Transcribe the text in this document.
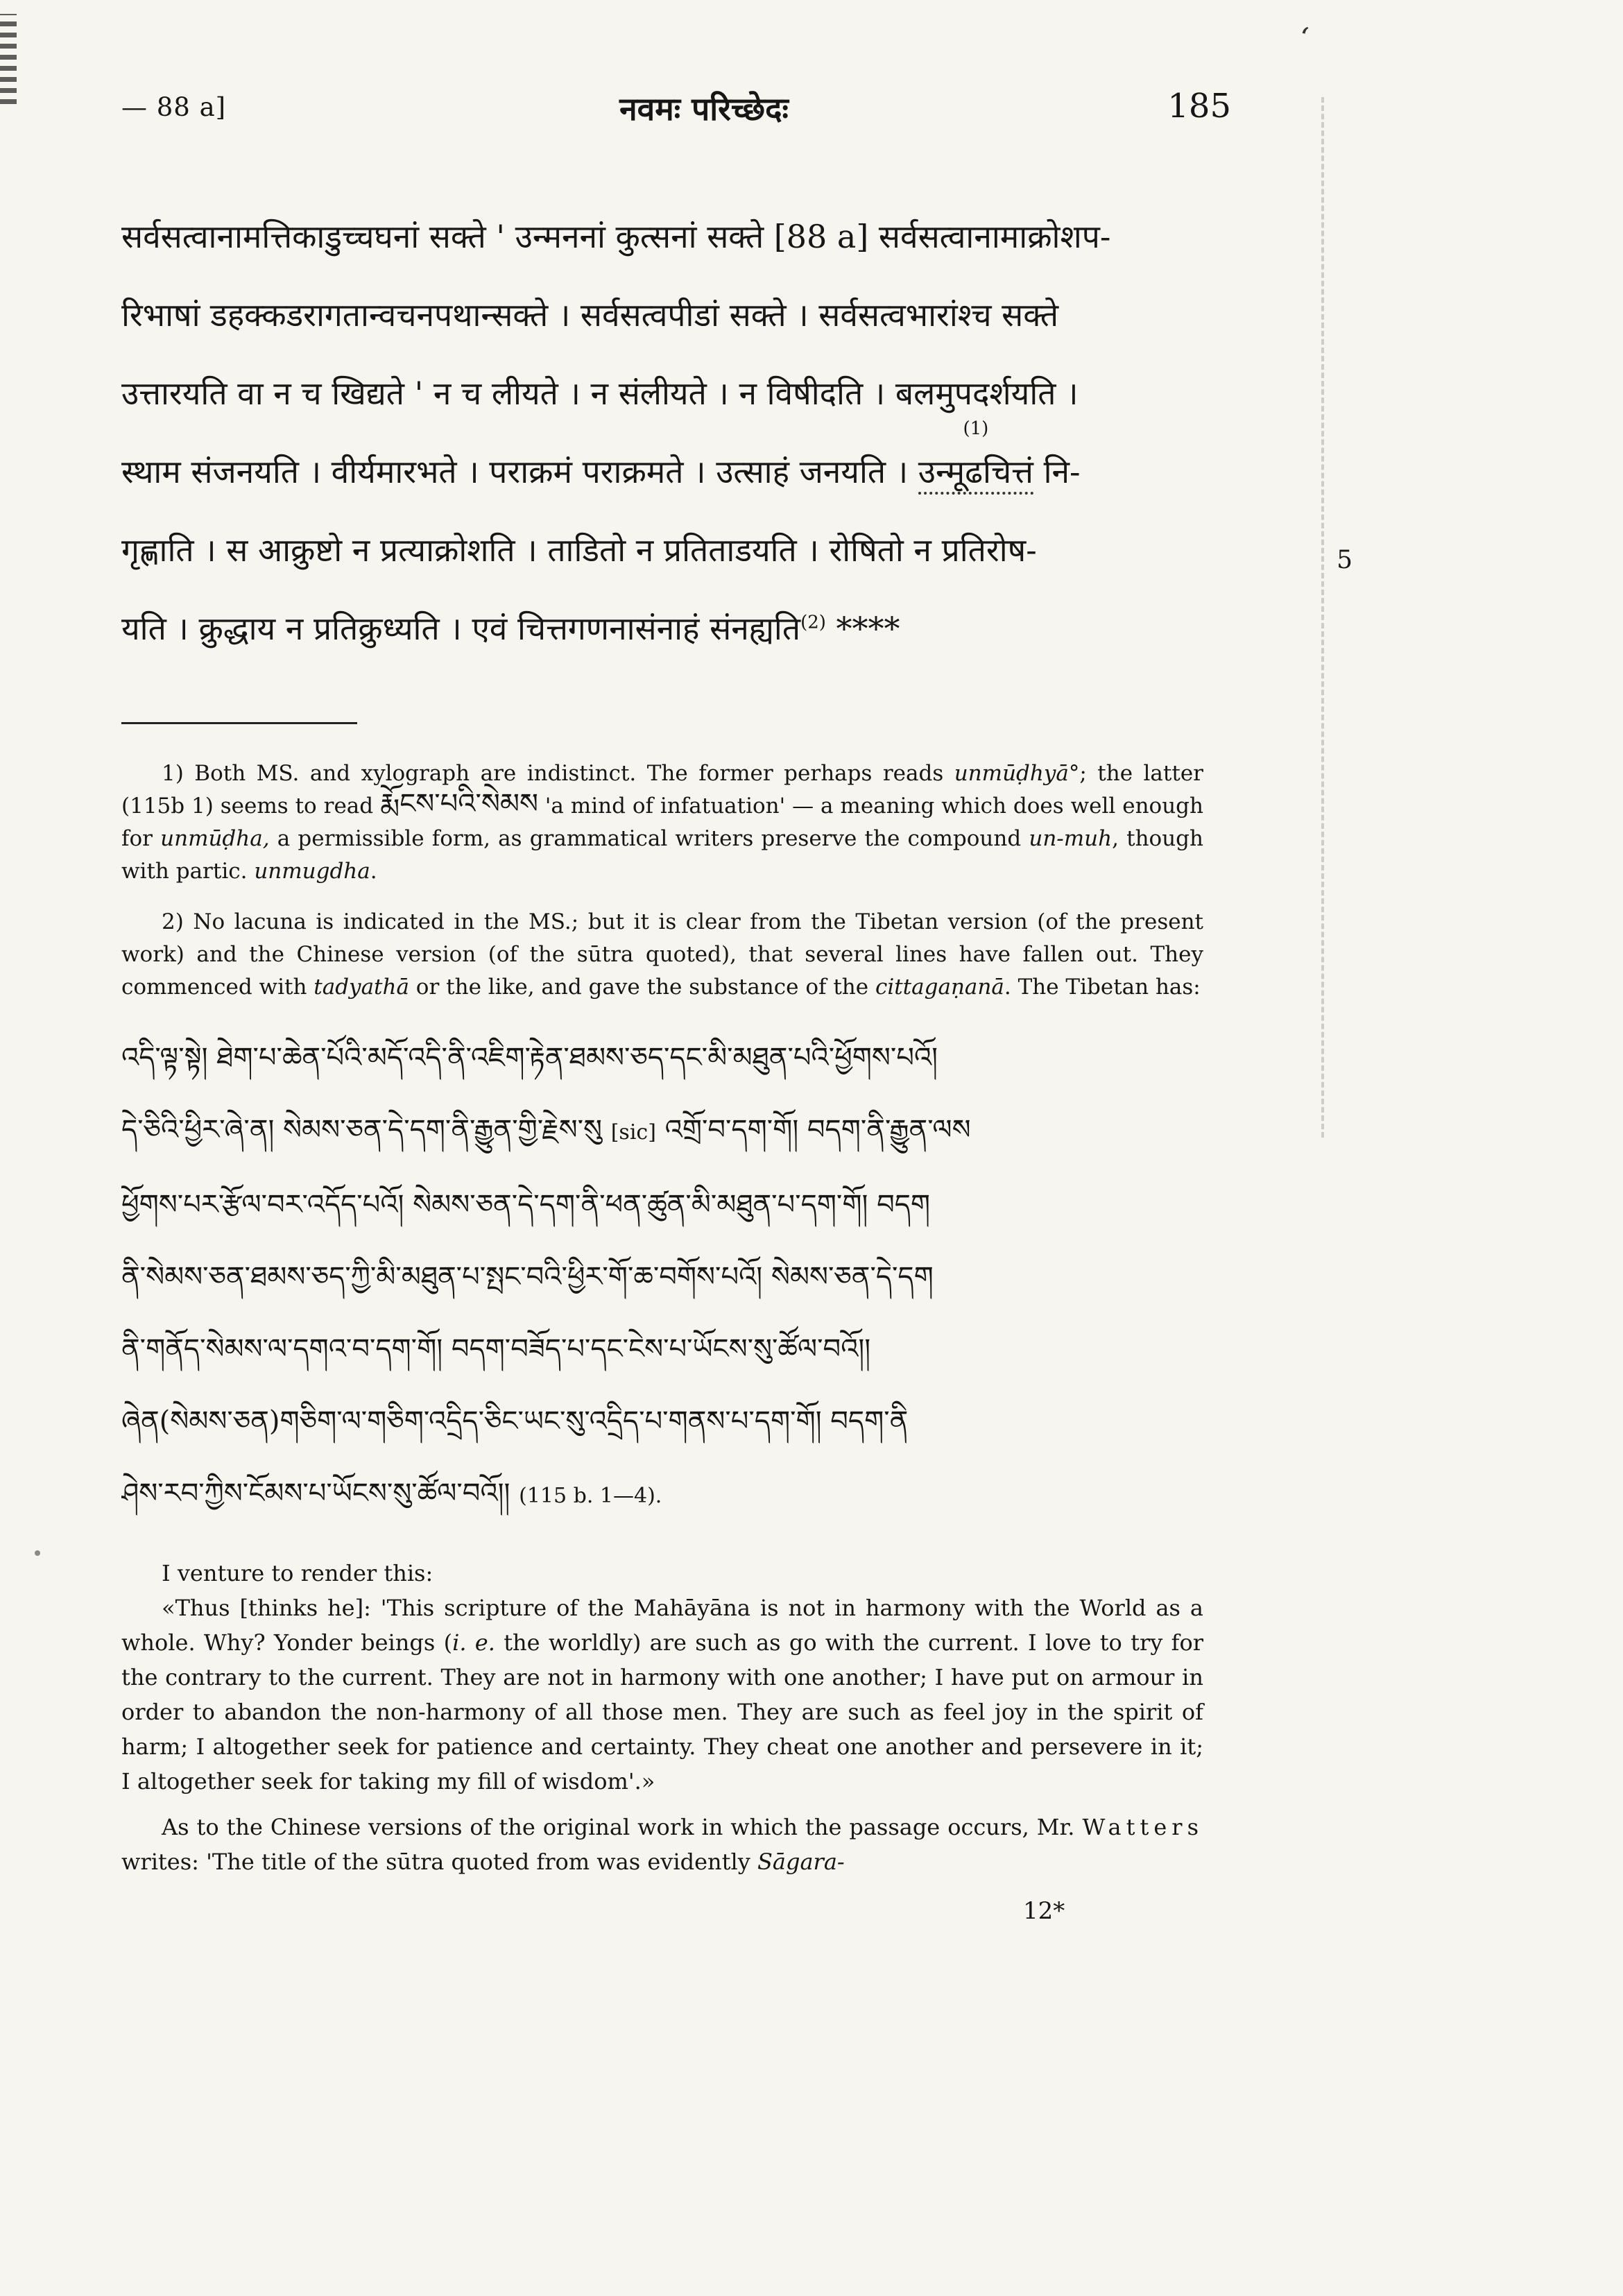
ʻ
— 88 a]	नवमः परिच्छेदः	185
सर्वसत्वानामत्तिकाडुच्चघनां सक्ते ' उन्मननां कुत्सनां सक्ते [88 a] सर्वसत्वानामाक्रोशप-
रिभाषां डहक्कडरागतान्वचनपथान्सक्ते । सर्वसत्वपीडां सक्ते । सर्वसत्वभारांश्च सक्ते
उत्तारयति वा न च खिद्यते ' न च लीयते । न संलीयते । न विषीदति । बलमुपदर्शयति ।
स्थाम संजनयति । वीर्यमारभते । पराक्रमं पराक्रमते । उत्साहं जनयति ।
(1)
उन्मूढचित्तं नि-
गृह्णाति । स आक्रुष्टो न प्रत्याक्रोशति । ताडितो न प्रतिताडयति । रोषितो न प्रतिरोष-	5
यति । क्रुद्धाय न प्रतिक्रुध्यति । एवं चित्तगणनासंनाहं संनह्यति$^{(2)}$ ****

1) Both MS. and xylograph are indistinct. The former perhaps reads unmūḍhyā°; the latter (115b 1) seems to read རྨོངས་པའི་སེམས 'a mind of infatuation' — a meaning which does well enough for unmūḍha, a permissible form, as grammatical writers preserve the compound un-muh, though with partic. unmugdha.

2) No lacuna is indicated in the MS.; but it is clear from the Tibetan version (of the present work) and the Chinese version (of the sūtra quoted), that several lines have fallen out. They commenced with tadyathā or the like, and gave the substance of the cittagaṇanā. The Tibetan has:

འདི་ལྟ་སྟེ། ཐེག་པ་ཆེན་པོའི་མདོ་འདི་ནི་འཇིག་རྟེན་ཐམས་ཅད་དང་མི་མཐུན་པའི་ཕྱོགས་པའོ།
དེ་ཅིའི་ཕྱིར་ཞེ་ན། སེམས་ཅན་དེ་དག་ནི་རྒྱུན་གྱི་རྗེས་སུ [sic] འགྲོ་བ་དག་གོ། བདག་ནི་རྒྱུན་ལས
ཕྱོགས་པར་རྩོལ་བར་འདོད་པའོ། སེམས་ཅན་དེ་དག་ནི་ཕན་ཚུན་མི་མཐུན་པ་དག་གོ། བདག
ནི་སེམས་ཅན་ཐམས་ཅད་ཀྱི་མི་མཐུན་པ་སྤང་བའི་ཕྱིར་གོ་ཆ་བགོས་པའོ། སེམས་ཅན་དེ་དག
ནི་གནོད་སེམས་ལ་དགའ་བ་དག་གོ། བདག་བཟོད་པ་དང་ངེས་པ་ཡོངས་སུ་ཚོལ་བའོ།།
ཞེན(སེམས་ཅན)གཅིག་ལ་གཅིག་འདྲིད་ཅིང་ཡང་སུ་འདྲིད་པ་གནས་པ་དག་གོ། བདག་ནི
ཤེས་རབ་ཀྱིས་ངོམས་པ་ཡོངས་སུ་ཚོལ་བའོ།། (115 b. 1—4).

I venture to render this:

«Thus [thinks he]: 'This scripture of the Mahāyāna is not in harmony with the World as a whole. Why? Yonder beings (i. e. the worldly) are such as go with the current. I love to try for the contrary to the current. They are not in harmony with one another; I have put on armour in order to abandon the non-harmony of all those men. They are such as feel joy in the spirit of harm; I altogether seek for patience and certainty. They cheat one another and persevere in it; I altogether seek for taking my fill of wisdom'.»

As to the Chinese versions of the original work in which the passage occurs, Mr. Watters writes: 'The title of the sūtra quoted from was evidently Sāgara-

12*
